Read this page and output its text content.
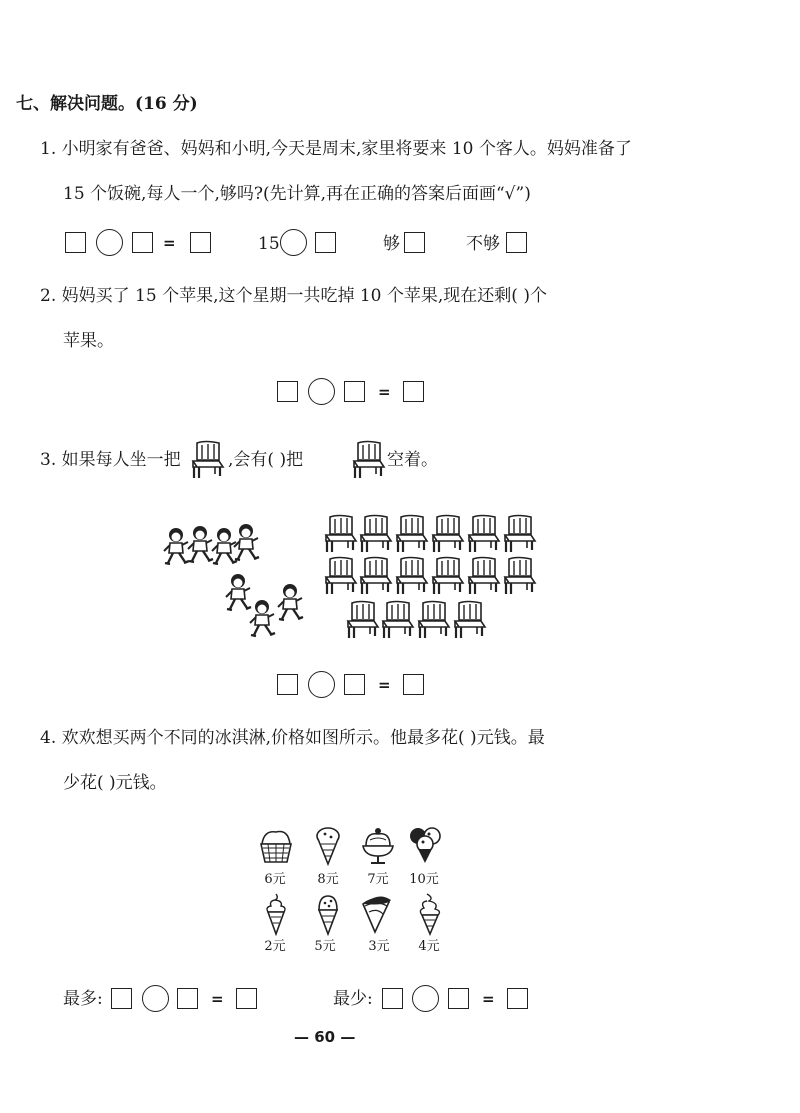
七、解决问题。(16 分)
1. 小明家有爸爸、妈妈和小明,今天是周末,家里将要来 10 个客人。妈妈准备了
15 个饭碗,每人一个,够吗?(先计算,再在正确的答案后面画“√”)
=	15	够	不够
2. 妈妈买了 15 个苹果,这个星期一共吃掉 10 个苹果,现在还剩( )个
苹果。
=
3. 如果每人坐一把	,会有( )把	空着。
=
4. 欢欢想买两个不同的冰淇淋,价格如图所示。他最多花( )元钱。最
少花( )元钱。
6元	8元	7元	10元
2元	5元	3元	4元
最多:	=	最少:	=
— 60 —
